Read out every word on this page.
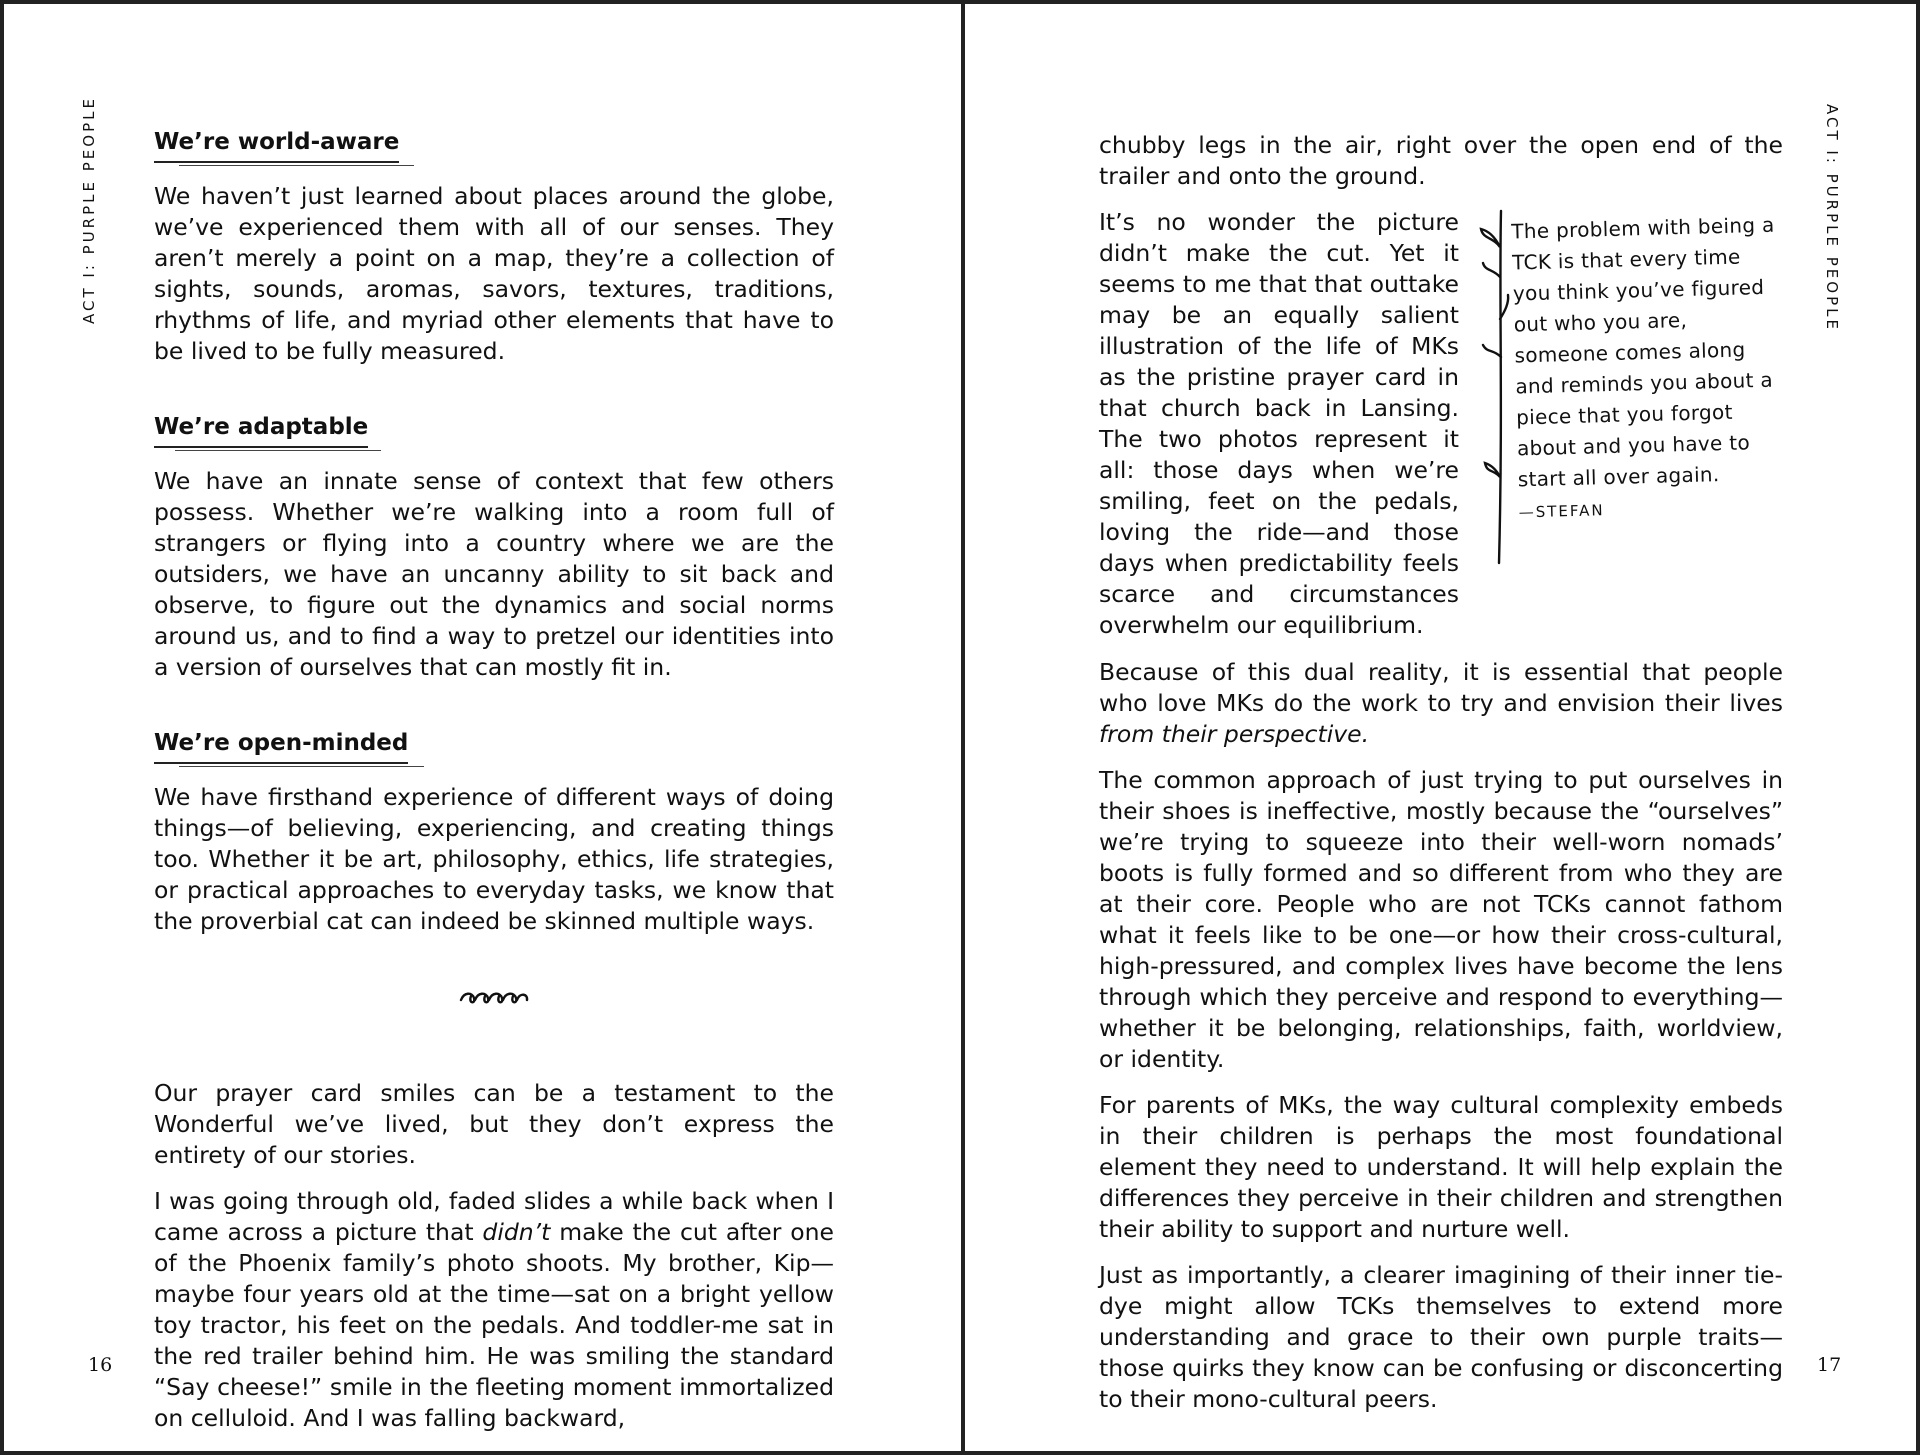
ACT I: PURPLE PEOPLE We’re world-aware

We haven’t just learned about places around the globe, we’ve experienced them with all of our senses. They aren’t merely a point on a map, they’re a collection of sights, sounds, aromas, savors, textures, traditions, rhythms of life, and myriad other elements that have to be lived to be fully measured.

We’re adaptable

We have an innate sense of context that few others possess. Whether we’re walking into a room full of strangers or flying into a country where we are the outsiders, we have an uncanny ability to sit back and observe, to figure out the dynamics and social norms around us, and to find a way to pretzel our identities into a version of ourselves that can mostly fit in.

We’re open-minded

We have firsthand experience of different ways of doing things—of believing, experiencing, and creating things too. Whether it be art, philosophy, ethics, life strategies, or practical approaches to everyday tasks, we know that the proverbial cat can indeed be skinned multiple ways.

Our prayer card smiles can be a testament to the Wonderful we’ve lived, but they don’t express the entirety of our stories.

I was going through old, faded slides a while back when I came across a picture that didn’t make the cut after one of the Phoenix family’s photo shoots. My brother, Kip—maybe four years old at the time—sat on a bright yellow toy tractor, his feet on the pedals. And toddler-me sat in the red trailer behind him. He was smiling the standard “Say cheese!” smile in the fleeting moment immortalized on celluloid. And I was falling backward,

16
ACT I: PURPLE PEOPLE

chubby legs in the air, right over the open end of the trailer and onto the ground.

It’s no wonder the picture didn’t make the cut. Yet it seems to me that that outtake may be an equally salient illustration of the life of MKs as the pristine prayer card in that church back in Lansing. The two photos represent it all: those days when we’re smiling, feet on the pedals, loving the ride—and those days when predictability feels scarce and circumstances overwhelm our equilibrium.
The problem with being a TCK is that every time you think you’ve figured out who you are, someone comes along and reminds you about a piece that you forgot about and you have to start all over again.
—STEFAN

Because of this dual reality, it is essential that people who love MKs do the work to try and envision their lives from their perspective.

The common approach of just trying to put ourselves in their shoes is ineffective, mostly because the “ourselves” we’re trying to squeeze into their well-worn nomads’ boots is fully formed and so different from who they are at their core. People who are not TCKs cannot fathom what it feels like to be one—or how their cross-cultural, high-pressured, and complex lives have become the lens through which they perceive and respond to everything—whether it be belonging, relationships, faith, worldview, or identity.

For parents of MKs, the way cultural complexity embeds in their children is perhaps the most foundational element they need to understand. It will help explain the differences they perceive in their children and strengthen their ability to support and nurture well.

Just as importantly, a clearer imagining of their inner tie-dye might allow TCKs themselves to extend more understanding and grace to their own purple traits—those quirks they know can be confusing or disconcerting to their mono-cultural peers.

17
